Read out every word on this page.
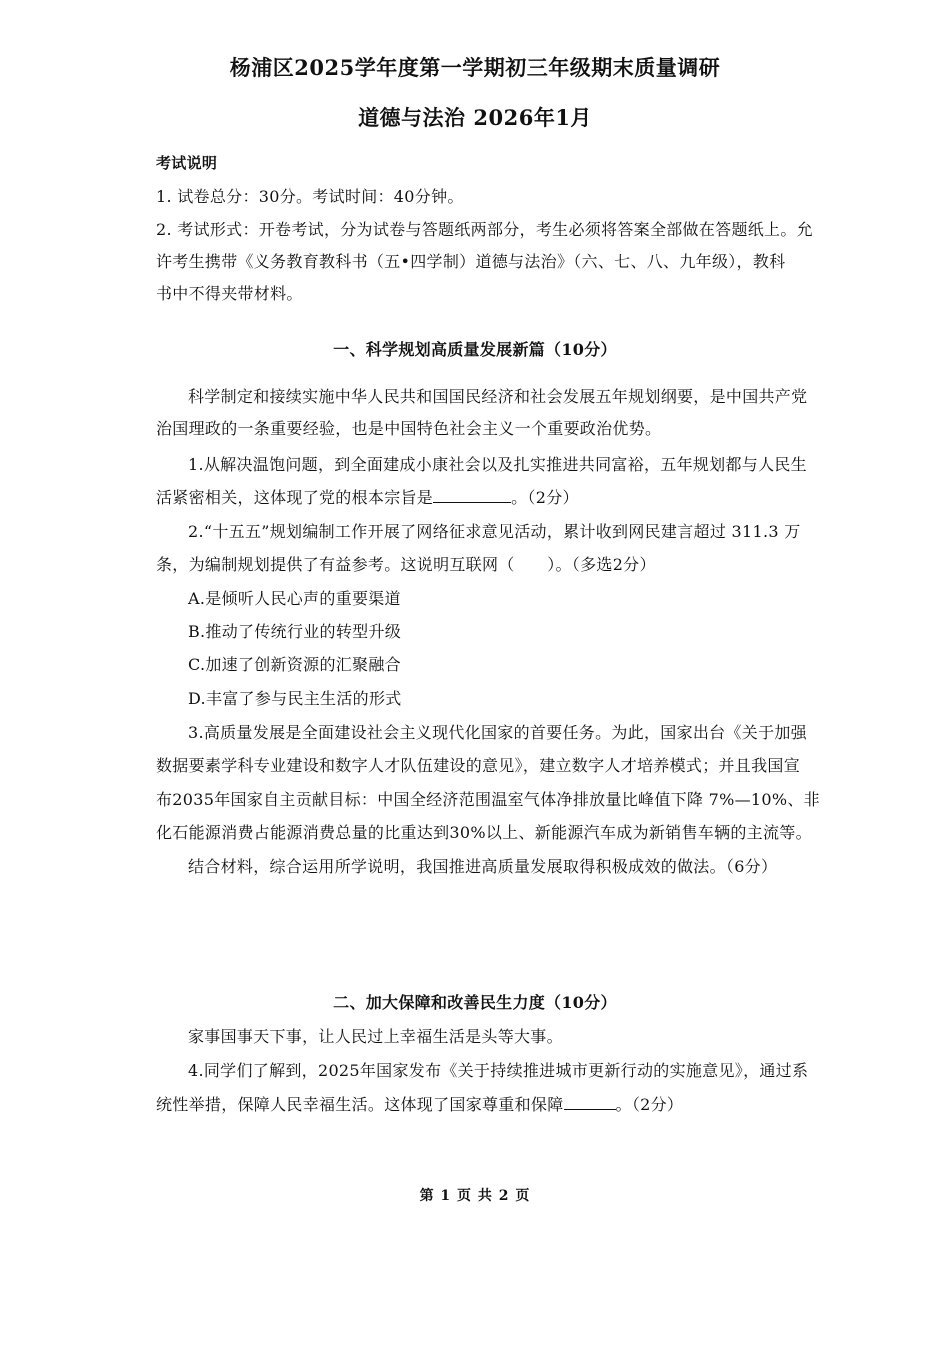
杨浦区2025学年度第一学期初三年级期末质量调研
道德与法治 2026年1月
考试说明
1. 试卷总分：30分。考试时间：40分钟。
2. 考试形式：开卷考试，分为试卷与答题纸两部分，考生必须将答案全部做在答题纸上。允
许考生携带《义务教育教科书（五•四学制）道德与法治》（六、七、八、九年级），教科
书中不得夹带材料。
一、科学规划高质量发展新篇（10分）
科学制定和接续实施中华人民共和国国民经济和社会发展五年规划纲要，是中国共产党
治国理政的一条重要经验，也是中国特色社会主义一个重要政治优势。
1.从解决温饱问题，到全面建成小康社会以及扎实推进共同富裕，五年规划都与人民生
活紧密相关，这体现了党的根本宗旨是	。（2分）
2.“十五五”规划编制工作开展了网络征求意见活动，累计收到网民建言超过 311.3 万
条，为编制规划提供了有益参考。这说明互联网（　　）。（多选2分）
A.是倾听人民心声的重要渠道
B.推动了传统行业的转型升级
C.加速了创新资源的汇聚融合
D.丰富了参与民主生活的形式
3.高质量发展是全面建设社会主义现代化国家的首要任务。为此，国家出台《关于加强
数据要素学科专业建设和数字人才队伍建设的意见》，建立数字人才培养模式；并且我国宣
布2035年国家自主贡献目标：中国全经济范围温室气体净排放量比峰值下降 7%—10%、非
化石能源消费占能源消费总量的比重达到30%以上、新能源汽车成为新销售车辆的主流等。
结合材料，综合运用所学说明，我国推进高质量发展取得积极成效的做法。（6分）
二、加大保障和改善民生力度（10分）
家事国事天下事，让人民过上幸福生活是头等大事。
4.同学们了解到，2025年国家发布《关于持续推进城市更新行动的实施意见》，通过系
统性举措，保障人民幸福生活。这体现了国家尊重和保障	。（2分）
第 1 页 共 2 页
